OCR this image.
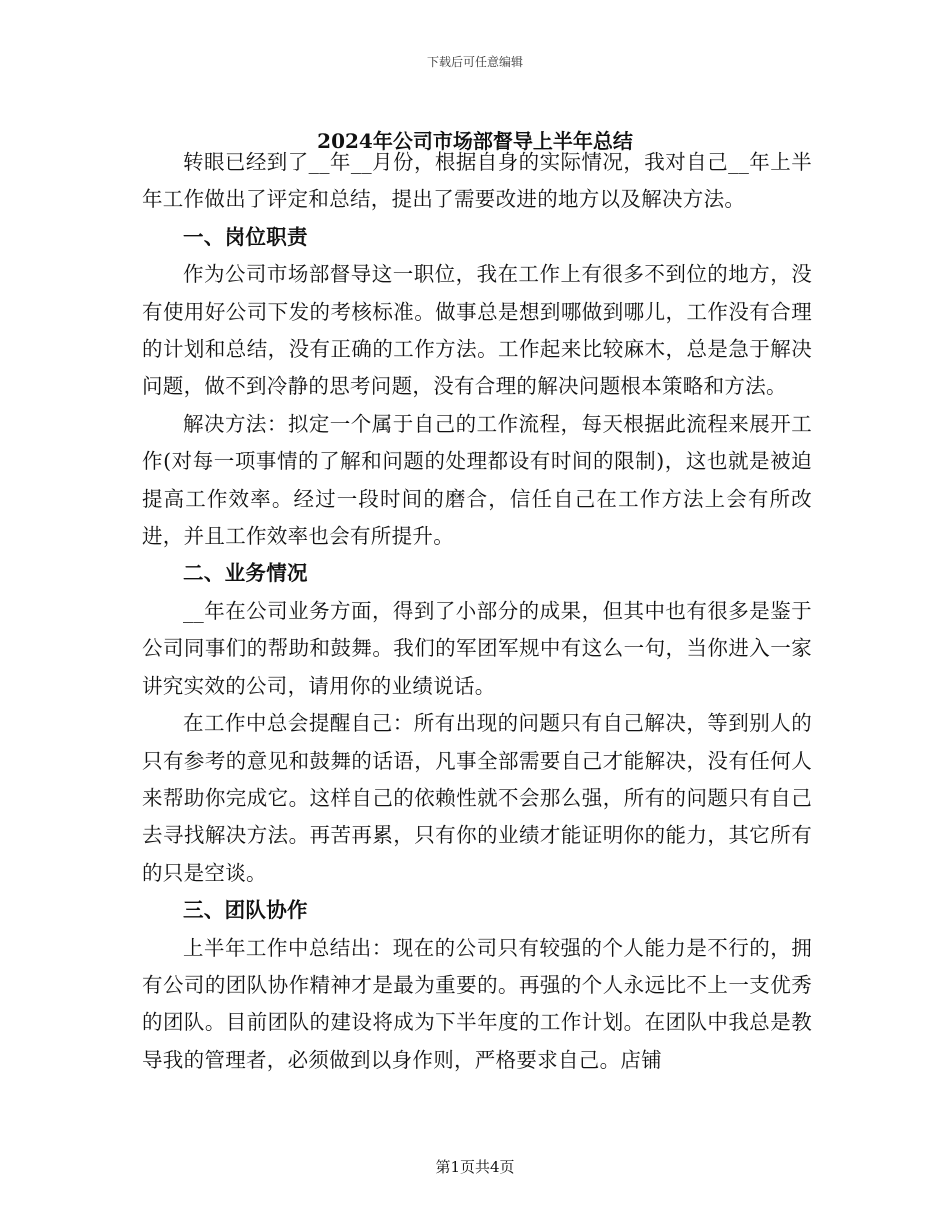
下载后可任意编辑
2024年公司市场部督导上半年总结

转眼已经到了__年__月份，根据自身的实际情况，我对自己__年上半年工作做出了评定和总结，提出了需要改进的地方以及解决方法。

一、岗位职责

作为公司市场部督导这一职位，我在工作上有很多不到位的地方，没有使用好公司下发的考核标准。做事总是想到哪做到哪儿，工作没有合理的计划和总结，没有正确的工作方法。工作起来比较麻木，总是急于解决问题，做不到冷静的思考问题，没有合理的解决问题根本策略和方法。

解决方法：拟定一个属于自己的工作流程，每天根据此流程来展开工作(对每一项事情的了解和问题的处理都设有时间的限制)，这也就是被迫提高工作效率。经过一段时间的磨合，信任自己在工作方法上会有所改进，并且工作效率也会有所提升。

二、业务情况

__年在公司业务方面，得到了小部分的成果，但其中也有很多是鉴于公司同事们的帮助和鼓舞。我们的军团军规中有这么一句，当你进入一家讲究实效的公司，请用你的业绩说话。

在工作中总会提醒自己：所有出现的问题只有自己解决，等到别人的只有参考的意见和鼓舞的话语，凡事全部需要自己才能解决，没有任何人来帮助你完成它。这样自己的依赖性就不会那么强，所有的问题只有自己去寻找解决方法。再苦再累，只有你的业绩才能证明你的能力，其它所有的只是空谈。

三、团队协作

上半年工作中总结出：现在的公司只有较强的个人能力是不行的，拥有公司的团队协作精神才是最为重要的。再强的个人永远比不上一支优秀的团队。目前团队的建设将成为下半年度的工作计划。在团队中我总是教导我的管理者，必须做到以身作则，严格要求自己。店铺

第1页共4页
